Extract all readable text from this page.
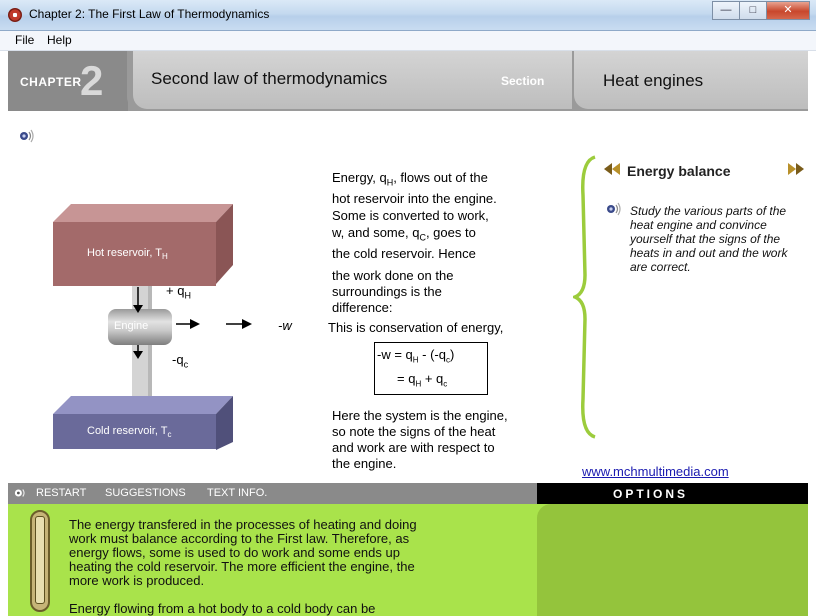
Chapter 2: The First Law of Thermodynamics	—	□	✕
File Help
CHAPTER
2	Second law of thermodynamics	Section	Heat engines
Hot reservoir, $T_H$
Cold reservoir, $T_c$
Engine
+ $q_H$
$-q_c$
-w
Energy, $q_H$, flows out of the
hot reservoir into the engine.
Some is converted to work,
w, and some, $q_C$, goes to
the cold reservoir. Hence
the work done on the
surroundings is the
difference:
This is conservation of energy,
$-w = q_H - (-q_c)$
= $q_H + q_c$
Here the system is the engine,
so note the signs of the heat
and work are with respect to
the engine.
Energy balance
Study the various parts of the heat engine and convince yourself that the signs of the heats in and out and the work are correct.
www.mchmultimedia.com
RESTART SUGGESTIONS TEXT INFO.	OPTIONS
The energy transfered in the processes of heating and doing work must balance according to the First law. Therefore, as energy flows, some is used to do work and some ends up heating the cold reservoir. The more efficient the engine, the more work is produced.
Energy flowing from a hot body to a cold body can be
